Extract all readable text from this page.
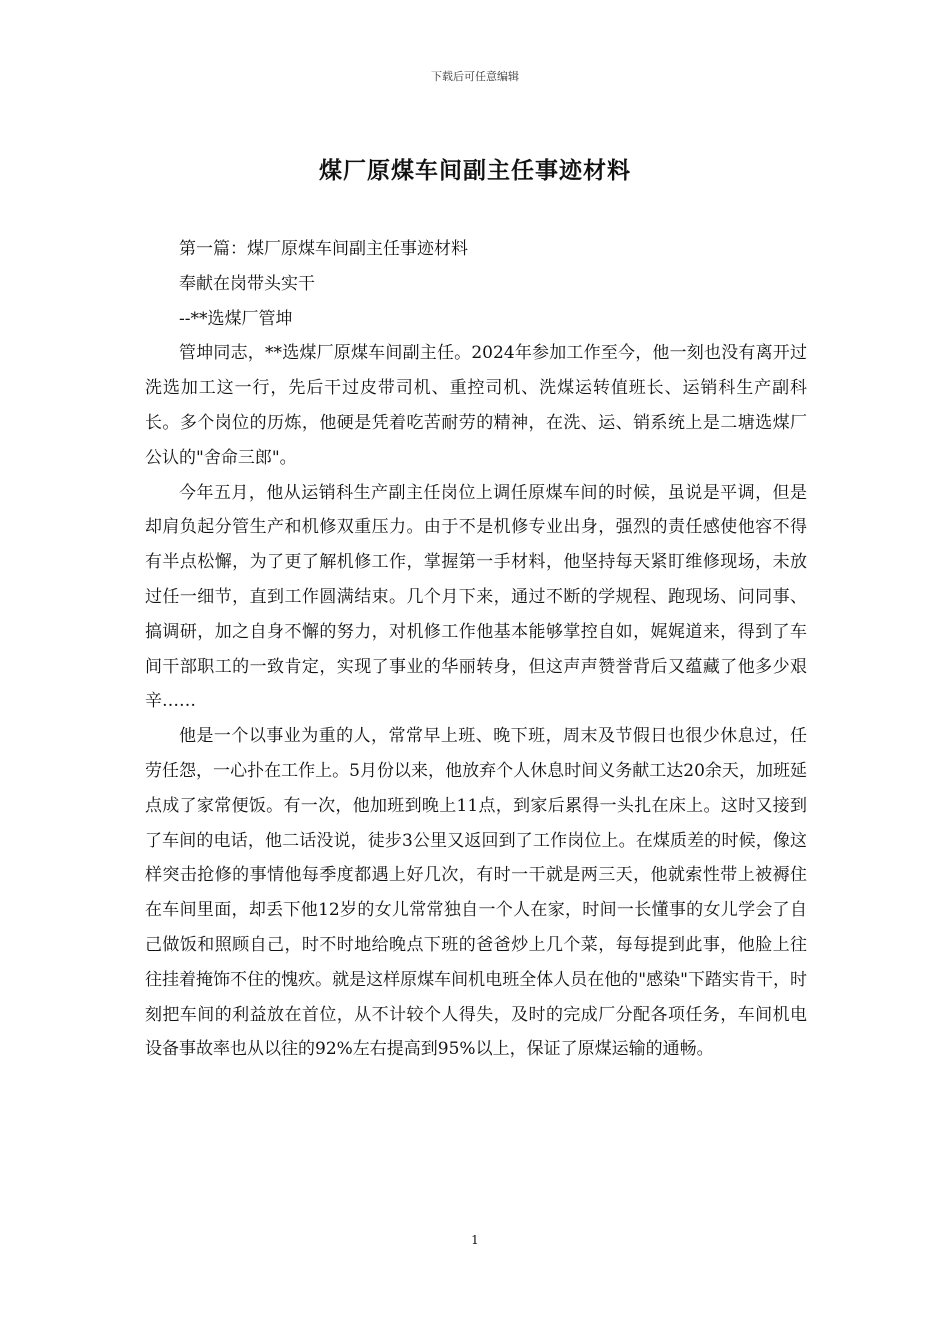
下载后可任意编辑
煤厂原煤车间副主任事迹材料

第一篇：煤厂原煤车间副主任事迹材料

奉献在岗带头实干

--**选煤厂管坤

管坤同志，**选煤厂原煤车间副主任。2024年参加工作至今，他一刻也没有离开过洗选加工这一行，先后干过皮带司机、重控司机、洗煤运转值班长、运销科生产副科长。多个岗位的历炼，他硬是凭着吃苦耐劳的精神，在洗、运、销系统上是二塘选煤厂公认的"舍命三郎"。

今年五月，他从运销科生产副主任岗位上调任原煤车间的时候，虽说是平调，但是却肩负起分管生产和机修双重压力。由于不是机修专业出身，强烈的责任感使他容不得有半点松懈，为了更了解机修工作，掌握第一手材料，他坚持每天紧盯维修现场，未放过任一细节，直到工作圆满结束。几个月下来，通过不断的学规程、跑现场、问同事、搞调研，加之自身不懈的努力，对机修工作他基本能够掌控自如，娓娓道来，得到了车间干部职工的一致肯定，实现了事业的华丽转身，但这声声赞誉背后又蕴藏了他多少艰辛……

他是一个以事业为重的人，常常早上班、晚下班，周末及节假日也很少休息过，任劳任怨，一心扑在工作上。5月份以来，他放弃个人休息时间义务献工达20余天，加班延点成了家常便饭。有一次，他加班到晚上11点，到家后累得一头扎在床上。这时又接到了车间的电话，他二话没说，徒步3公里又返回到了工作岗位上。在煤质差的时候，像这样突击抢修的事情他每季度都遇上好几次，有时一干就是两三天，他就索性带上被褥住在车间里面，却丢下他12岁的女儿常常独自一个人在家，时间一长懂事的女儿学会了自己做饭和照顾自己，时不时地给晚点下班的爸爸炒上几个菜，每每提到此事，他脸上往往挂着掩饰不住的愧疚。就是这样原煤车间机电班全体人员在他的"感染"下踏实肯干，时刻把车间的利益放在首位，从不计较个人得失，及时的完成厂分配各项任务，车间机电设备事故率也从以往的92%左右提高到95%以上，保证了原煤运输的通畅。

1
